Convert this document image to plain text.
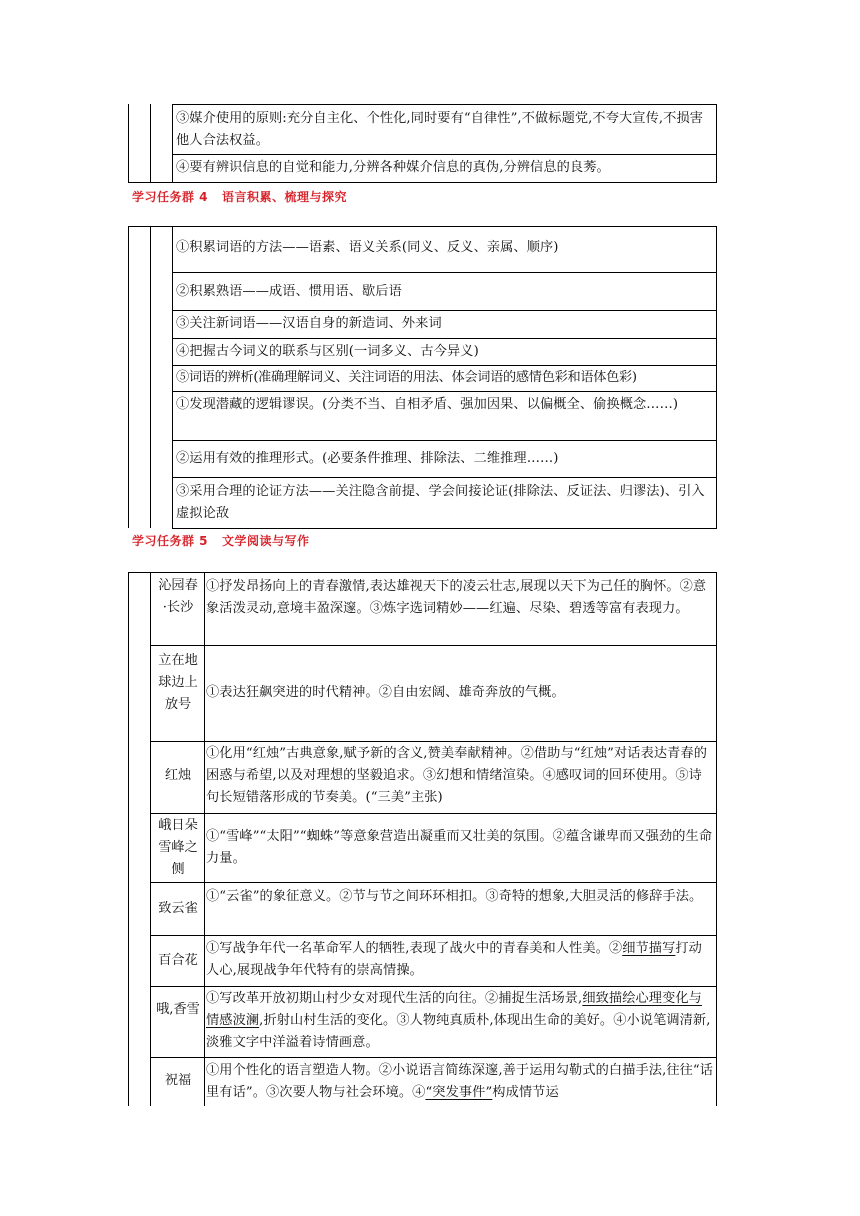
③媒介使用的原则:充分自主化、个性化,同时要有“自律性”,不做标题党,不夸大宣传,不损害他人合法权益。
④要有辨识信息的自觉和能力,分辨各种媒介信息的真伪,分辨信息的良莠。
学习任务群 4 语言积累、梳理与探究
①积累词语的方法——语素、语义关系(同义、反义、亲属、顺序)
②积累熟语——成语、惯用语、歇后语
③关注新词语——汉语自身的新造词、外来词
④把握古今词义的联系与区别(一词多义、古今异义)
⑤词语的辨析(准确理解词义、关注词语的用法、体会词语的感情色彩和语体色彩)
①发现潜藏的逻辑谬误。(分类不当、自相矛盾、强加因果、以偏概全、偷换概念……)
②运用有效的推理形式。(必要条件推理、排除法、二维推理……)
③采用合理的论证方法——关注隐含前提、学会间接论证(排除法、反证法、归谬法)、引入虚拟论敌
学习任务群 5 文学阅读与写作
沁园春·长沙
①抒发昂扬向上的青春激情,表达雄视天下的凌云壮志,展现以天下为己任的胸怀。②意象活泼灵动,意境丰盈深邃。③炼字选词精妙——红遍、尽染、碧透等富有表现力。
立在地球边上放号
①表达狂飙突进的时代精神。②自由宏阔、雄奇奔放的气概。
红烛
①化用“红烛”古典意象,赋予新的含义,赞美奉献精神。②借助与“红烛”对话表达青春的困惑与希望,以及对理想的坚毅追求。③幻想和情绪渲染。④感叹词的回环使用。⑤诗句长短错落形成的节奏美。(“三美”主张)
峨日朵雪峰之侧
①“雪峰”“太阳”“蜘蛛”等意象营造出凝重而又壮美的氛围。②蕴含谦卑而又强劲的生命力量。
致云雀
①“云雀”的象征意义。②节与节之间环环相扣。③奇特的想象,大胆灵活的修辞手法。
百合花
①写战争年代一名革命军人的牺牲,表现了战火中的青春美和人性美。②细节描写打动人心,展现战争年代特有的崇高情操。
哦,香雪
①写改革开放初期山村少女对现代生活的向往。②捕捉生活场景,细致描绘心理变化与情感波澜,折射山村生活的变化。③人物纯真质朴,体现出生命的美好。④小说笔调清新,淡雅文字中洋溢着诗情画意。
祝福
①用个性化的语言塑造人物。②小说语言简练深邃,善于运用勾勒式的白描手法,往往“话里有话”。③次要人物与社会环境。④“突发事件”构成情节运
